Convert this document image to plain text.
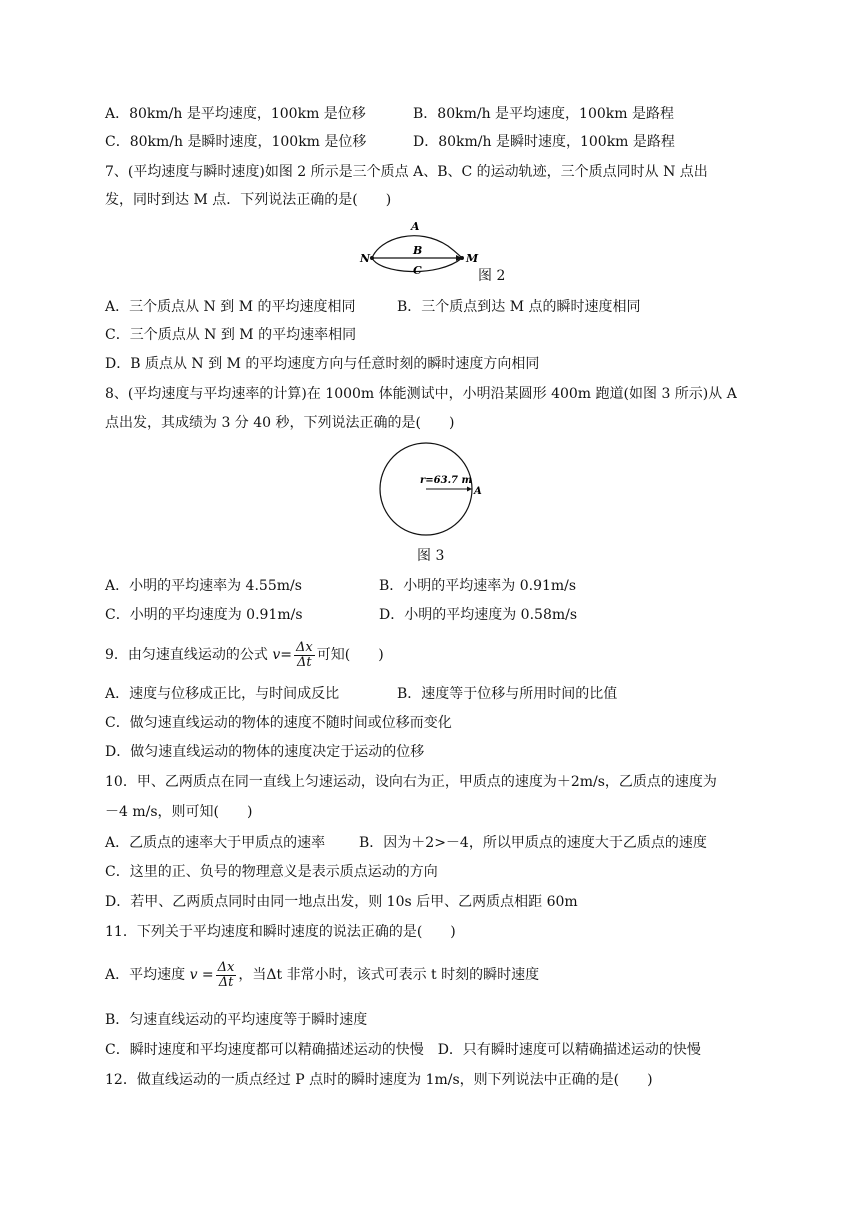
A．80km/h 是平均速度，100km 是位移	B．80km/h 是平均速度，100km 是路程
C．80km/h 是瞬时速度，100km 是位移	D．80km/h 是瞬时速度，100km 是路程
7、(平均速度与瞬时速度)如图 2 所示是三个质点 A、B、C 的运动轨迹，三个质点同时从 N 点出
发，同时到达 M 点．下列说法正确的是(　　)
A
B
C
N	M
图 2
A．三个质点从 N 到 M 的平均速度相同	B．三个质点到达 M 点的瞬时速度相同
C．三个质点从 N 到 M 的平均速率相同
D．B 质点从 N 到 M 的平均速度方向与任意时刻的瞬时速度方向相同
8、(平均速度与平均速率的计算)在 1000m 体能测试中，小明沿某圆形 400m 跑道(如图 3 所示)从 A
点出发，其成绩为 3 分 40 秒，下列说法正确的是(　　)
r=63.7 m
A
图 3
A．小明的平均速率为 4.55m/s	B．小明的平均速率为 0.91m/s
C．小明的平均速度为 0.91m/s	D．小明的平均速度为 0.58m/s
9．由匀速直线运动的公式 $v= \frac{\Delta x}{\Delta t}$ 可知(　　)
A．速度与位移成正比，与时间成反比	B．速度等于位移与所用时间的比值
C．做匀速直线运动的物体的速度不随时间或位移而变化
D．做匀速直线运动的物体的速度决定于运动的位移
10．甲、乙两质点在同一直线上匀速运动，设向右为正，甲质点的速度为＋2m/s，乙质点的速度为
－4 m/s，则可知(　　)
A．乙质点的速率大于甲质点的速率 B．因为＋2>－4，所以甲质点的速度大于乙质点的速度
C．这里的正、负号的物理意义是表示质点运动的方向
D．若甲、乙两质点同时由同一地点出发，则 10s 后甲、乙两质点相距 60m
11．下列关于平均速度和瞬时速度的说法正确的是(　　)
A．平均速度 $v = \frac{\Delta x}{\Delta t}$ ，当Δt 非常小时，该式可表示 t 时刻的瞬时速度
B．匀速直线运动的平均速度等于瞬时速度
C．瞬时速度和平均速度都可以精确描述运动的快慢　D．只有瞬时速度可以精确描述运动的快慢
12．做直线运动的一质点经过 P 点时的瞬时速度为 1m/s，则下列说法中正确的是(　　)
